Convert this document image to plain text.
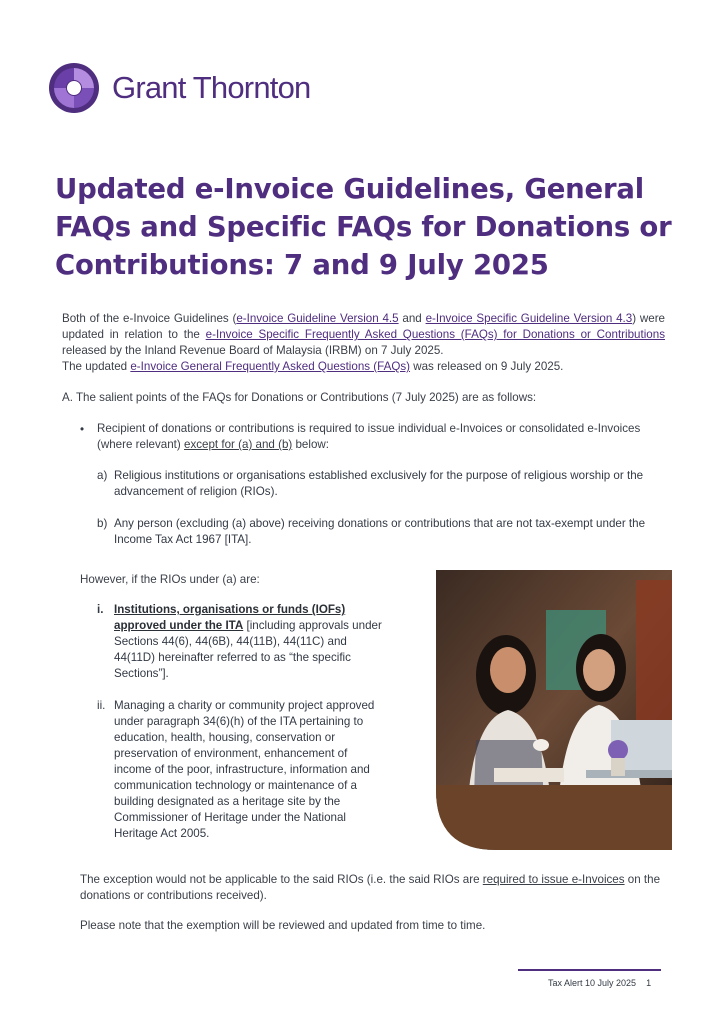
Grant Thornton
Updated e-Invoice Guidelines, General FAQs and Specific FAQs for Donations or Contributions: 7 and 9 July 2025

Both of the e-Invoice Guidelines (e-Invoice Guideline Version 4.5 and e-Invoice Specific Guideline Version 4.3) were updated in relation to the e-Invoice Specific Frequently Asked Questions (FAQs) for Donations or Contributions released by the Inland Revenue Board of Malaysia (IRBM) on 7 July 2025.
The updated e-Invoice General Frequently Asked Questions (FAQs) was released on 9 July 2025.

A. The salient points of the FAQs for Donations or Contributions (7 July 2025) are as follows:

• Recipient of donations or contributions is required to issue individual e-Invoices or consolidated e-Invoices (where relevant) except for (a) and (b) below:

a) Religious institutions or organisations established exclusively for the purpose of religious worship or the advancement of religion (RIOs).

b) Any person (excluding (a) above) receiving donations or contributions that are not tax-exempt under the Income Tax Act 1967 [ITA].

However, if the RIOs under (a) are:

i. Institutions, organisations or funds (IOFs) approved under the ITA [including approvals under Sections 44(6), 44(6B), 44(11B), 44(11C) and 44(11D) hereinafter referred to as “the specific Sections”].

ii. Managing a charity or community project approved under paragraph 34(6)(h) of the ITA pertaining to education, health, housing, conservation or preservation of environment, enhancement of income of the poor, infrastructure, information and communication technology or maintenance of a building designated as a heritage site by the Commissioner of Heritage under the National Heritage Act 2005.

The exception would not be applicable to the said RIOs (i.e. the said RIOs are required to issue e-Invoices on the donations or contributions received).

Please note that the exemption will be reviewed and updated from time to time.

Tax Alert 10 July 2025 1
